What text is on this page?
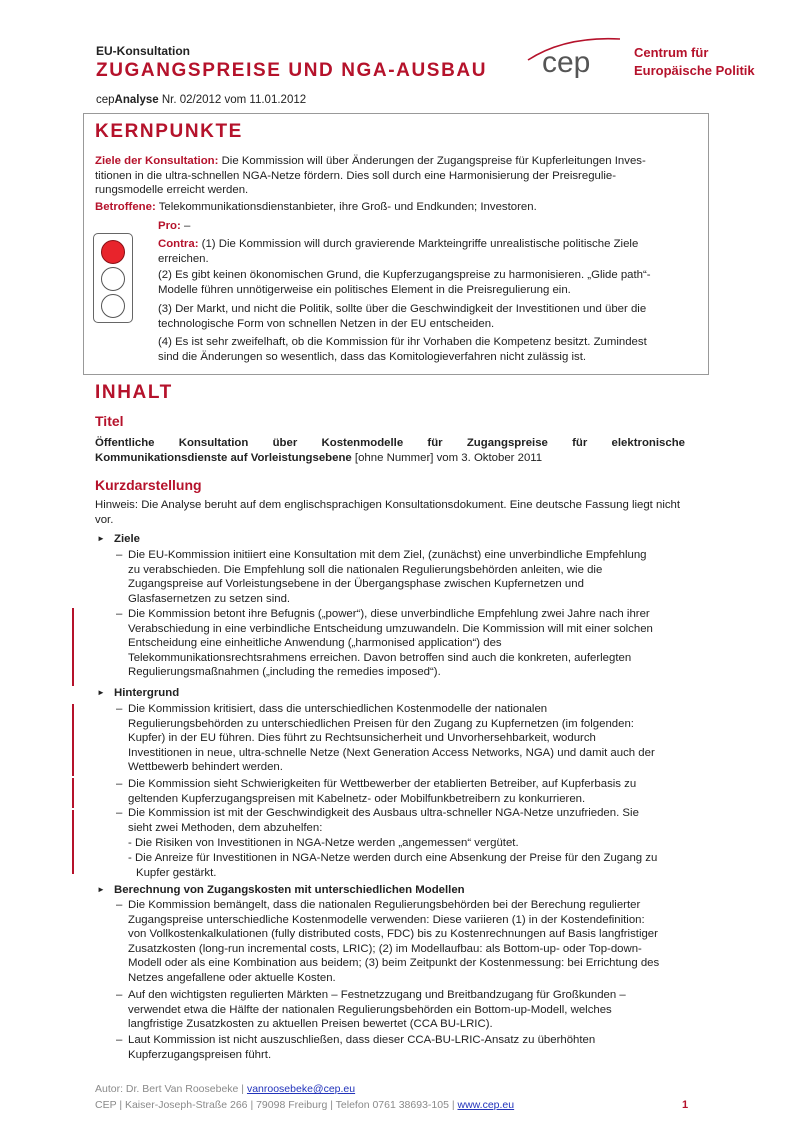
EU-Konsultation
ZUGANGSPREISE UND NGA-AUSBAU
cepAnalyse Nr. 02/2012 vom 11.01.2012
cep	Centrum für
Europäische Politik
KERNPUNKTE
Ziele der Konsultation: Die Kommission will über Änderungen der Zugangspreise für Kupferleitungen Inves-
titionen in die ultra-schnellen NGA-Netze fördern. Dies soll durch eine Harmonisierung der Preisregulie-
rungsmodelle erreicht werden.
Betroffene: Telekommunikationsdienstanbieter, ihre Groß- und Endkunden; Investoren.
Pro: –
Contra: (1) Die Kommission will durch gravierende Markteingriffe unrealistische politische Ziele
erreichen.
(2) Es gibt keinen ökonomischen Grund, die Kupferzugangspreise zu harmonisieren. „Glide path“-
Modelle führen unnötigerweise ein politisches Element in die Preisregulierung ein.
(3) Der Markt, und nicht die Politik, sollte über die Geschwindigkeit der Investitionen und über die
technologische Form von schnellen Netzen in der EU entscheiden.
(4) Es ist sehr zweifelhaft, ob die Kommission für ihr Vorhaben die Kompetenz besitzt. Zumindest
sind die Änderungen so wesentlich, dass das Komitologieverfahren nicht zulässig ist.
INHALT
Titel
Öffentliche Konsultation über Kostenmodelle für Zugangspreise für elektronische
Kommunikationsdienste auf Vorleistungsebene [ohne Nummer] vom 3. Oktober 2011
Kurzdarstellung
Hinweis: Die Analyse beruht auf dem englischsprachigen Konsultationsdokument. Eine deutsche Fassung liegt nicht
vor.
► Ziele
– Die EU-Kommission initiiert eine Konsultation mit dem Ziel, (zunächst) eine unverbindliche Empfehlung
zu verabschieden. Die Empfehlung soll die nationalen Regulierungsbehörden anleiten, wie die
Zugangspreise auf Vorleistungsebene in der Übergangsphase zwischen Kupfernetzen und
Glasfasernetzen zu setzen sind.
– Die Kommission betont ihre Befugnis („power“), diese unverbindliche Empfehlung zwei Jahre nach ihrer
Verabschiedung in eine verbindliche Entscheidung umzuwandeln. Die Kommission will mit einer solchen
Entscheidung eine einheitliche Anwendung („harmonised application“) des
Telekommunikationsrechtsrahmens erreichen. Davon betroffen sind auch die konkreten, auferlegten
Regulierungsmaßnahmen („including the remedies imposed“).
► Hintergrund
– Die Kommission kritisiert, dass die unterschiedlichen Kostenmodelle der nationalen
Regulierungsbehörden zu unterschiedlichen Preisen für den Zugang zu Kupfernetzen (im folgenden:
Kupfer) in der EU führen. Dies führt zu Rechtsunsicherheit und Unvorhersehbarkeit, wodurch
Investitionen in neue, ultra-schnelle Netze (Next Generation Access Networks, NGA) und damit auch der
Wettbewerb behindert werden.
– Die Kommission sieht Schwierigkeiten für Wettbewerber der etablierten Betreiber, auf Kupferbasis zu
geltenden Kupferzugangspreisen mit Kabelnetz- oder Mobilfunkbetreibern zu konkurrieren.
– Die Kommission ist mit der Geschwindigkeit des Ausbaus ultra-schneller NGA-Netze unzufrieden. Sie
sieht zwei Methoden, dem abzuhelfen:
- Die Risiken von Investitionen in NGA-Netze werden „angemessen“ vergütet.
- Die Anreize für Investitionen in NGA-Netze werden durch eine Absenkung der Preise für den Zugang zu
Kupfer gestärkt.
► Berechnung von Zugangskosten mit unterschiedlichen Modellen
– Die Kommission bemängelt, dass die nationalen Regulierungsbehörden bei der Berechung regulierter
Zugangspreise unterschiedliche Kostenmodelle verwenden: Diese variieren (1) in der Kostendefinition:
von Vollkostenkalkulationen (fully distributed costs, FDC) bis zu Kostenrechnungen auf Basis langfristiger
Zusatzkosten (long-run incremental costs, LRIC); (2) im Modellaufbau: als Bottom-up- oder Top-down-
Modell oder als eine Kombination aus beidem; (3) beim Zeitpunkt der Kostenmessung: bei Errichtung des
Netzes angefallene oder aktuelle Kosten.
– Auf den wichtigsten regulierten Märkten – Festnetzzugang und Breitbandzugang für Großkunden –
verwendet etwa die Hälfte der nationalen Regulierungsbehörden ein Bottom-up-Modell, welches
langfristige Zusatzkosten zu aktuellen Preisen bewertet (CCA BU-LRIC).
– Laut Kommission ist nicht auszuschließen, dass dieser CCA-BU-LRIC-Ansatz zu überhöhten
Kupferzugangspreisen führt.
Autor: Dr. Bert Van Roosebeke | vanroosebeke@cep.eu
CEP | Kaiser-Joseph-Straße 266 | 79098 Freiburg | Telefon 0761 38693-105 | www.cep.eu	1
